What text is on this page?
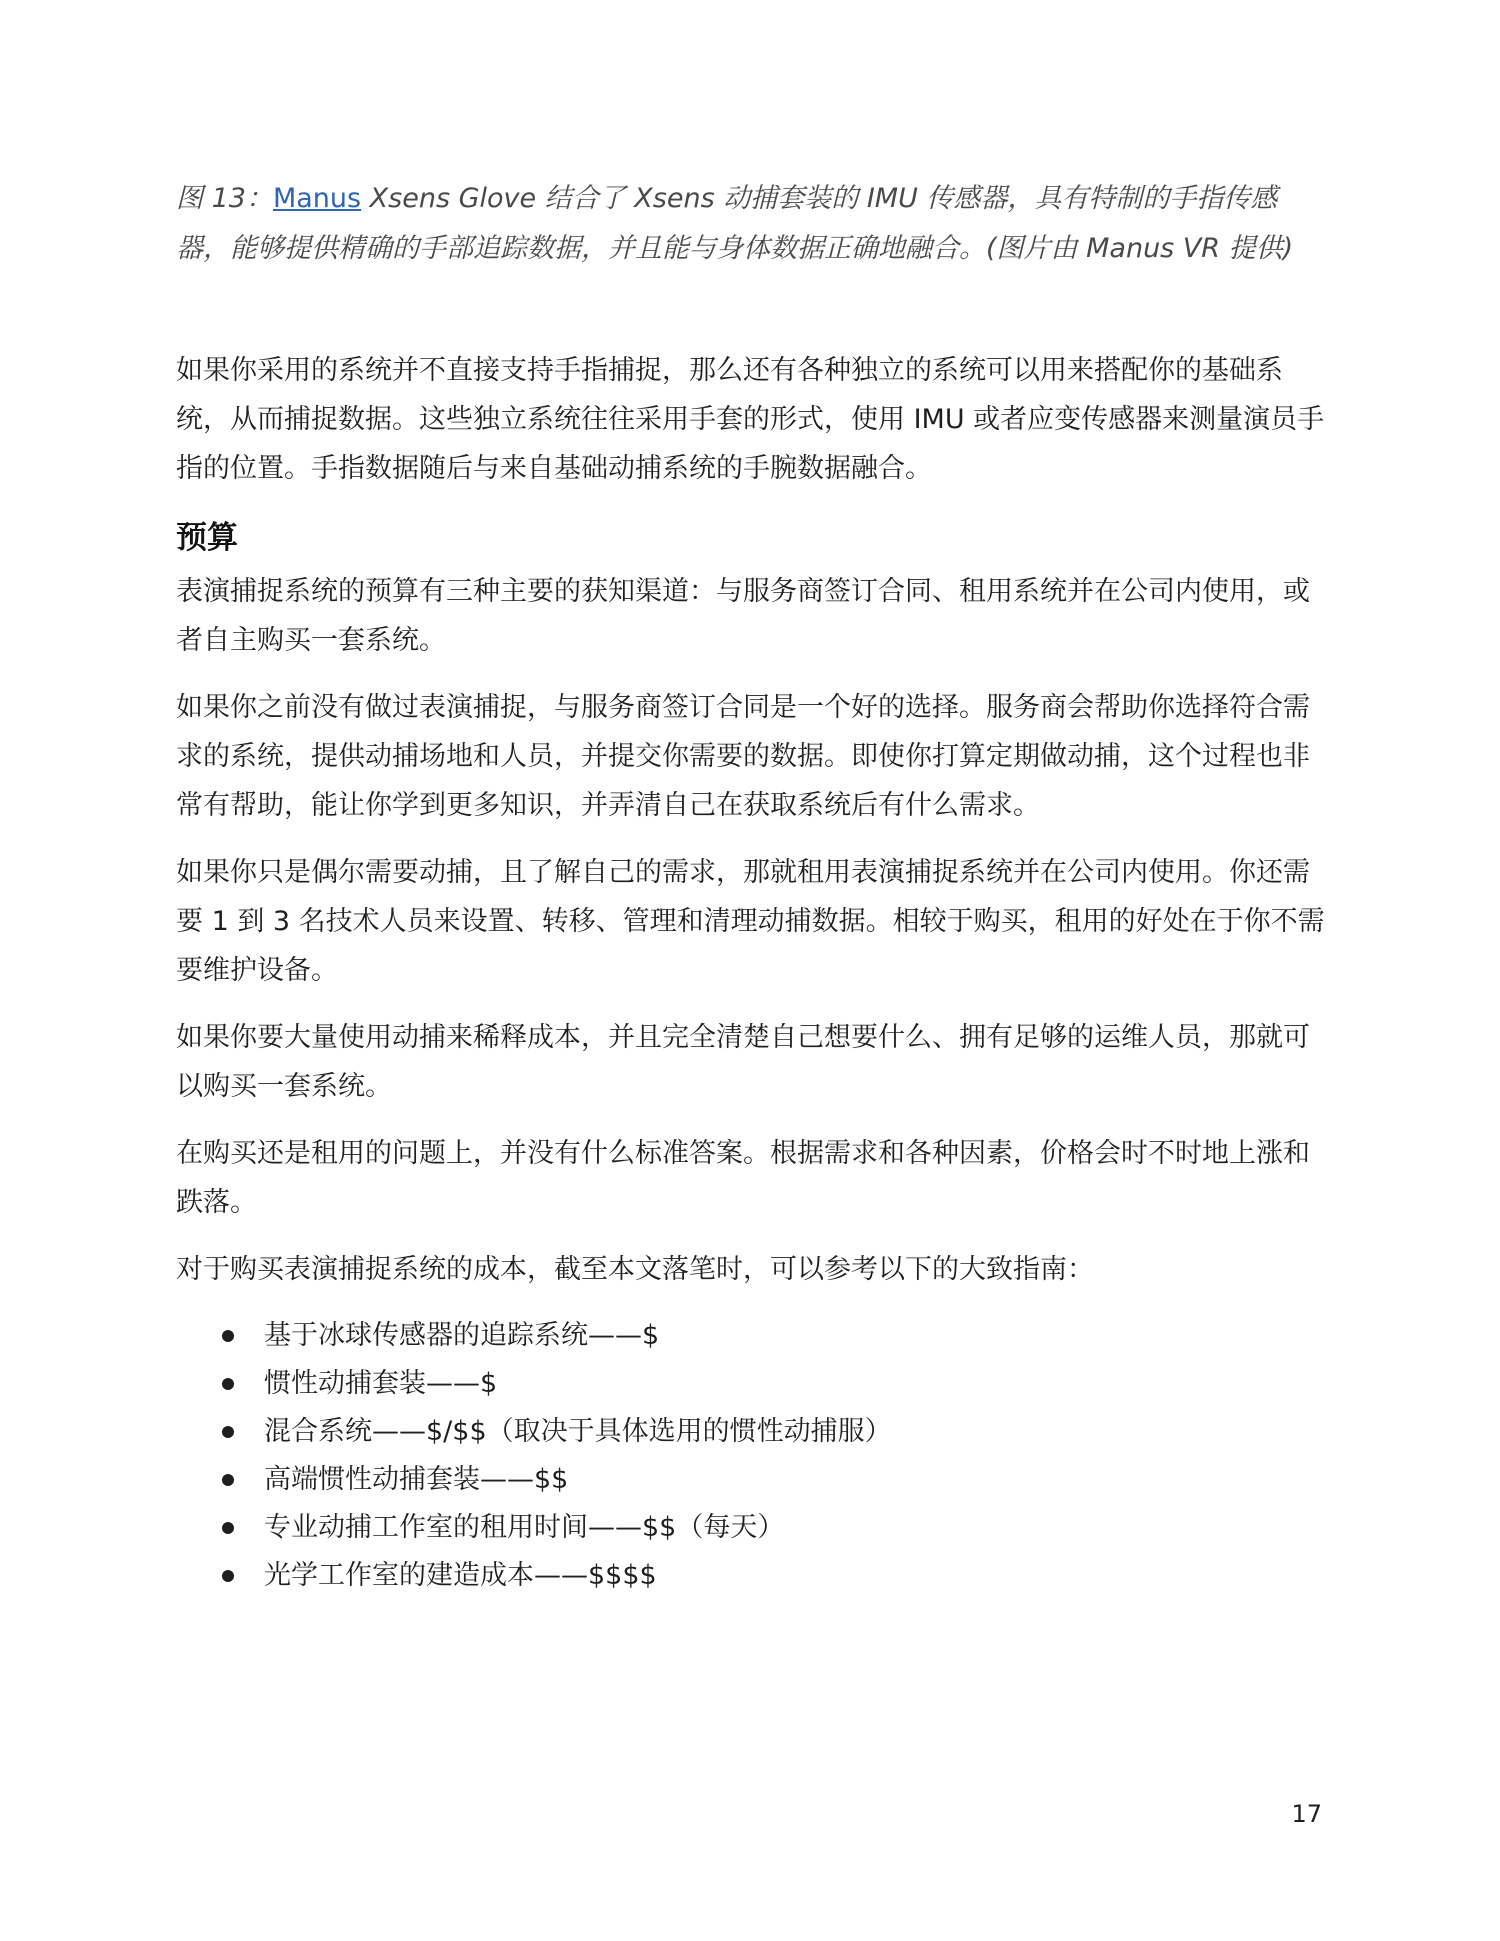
图 13：Manus Xsens Glove 结合了 Xsens 动捕套装的 IMU 传感器，具有特制的手指传感器，能够提供精确的手部追踪数据，并且能与身体数据正确地融合。(图片由 Manus VR 提供)

如果你采用的系统并不直接支持手指捕捉，那么还有各种独立的系统可以用来搭配你的基础系统，从而捕捉数据。这些独立系统往往采用手套的形式，使用 IMU 或者应变传感器来测量演员手指的位置。手指数据随后与来自基础动捕系统的手腕数据融合。

预算

表演捕捉系统的预算有三种主要的获知渠道：与服务商签订合同、租用系统并在公司内使用，或者自主购买一套系统。

如果你之前没有做过表演捕捉，与服务商签订合同是一个好的选择。服务商会帮助你选择符合需求的系统，提供动捕场地和人员，并提交你需要的数据。即使你打算定期做动捕，这个过程也非常有帮助，能让你学到更多知识，并弄清自己在获取系统后有什么需求。

如果你只是偶尔需要动捕，且了解自己的需求，那就租用表演捕捉系统并在公司内使用。你还需要 1 到 3 名技术人员来设置、转移、管理和清理动捕数据。相较于购买，租用的好处在于你不需要维护设备。

如果你要大量使用动捕来稀释成本，并且完全清楚自己想要什么、拥有足够的运维人员，那就可以购买一套系统。

在购买还是租用的问题上，并没有什么标准答案。根据需求和各种因素，价格会时不时地上涨和跌落。

对于购买表演捕捉系统的成本，截至本文落笔时，可以参考以下的大致指南：

基于冰球传感器的追踪系统——$
惯性动捕套装——$
混合系统——$/$$（取决于具体选用的惯性动捕服）
高端惯性动捕套装——$$
专业动捕工作室的租用时间——$$（每天）
光学工作室的建造成本——$$$$
17
